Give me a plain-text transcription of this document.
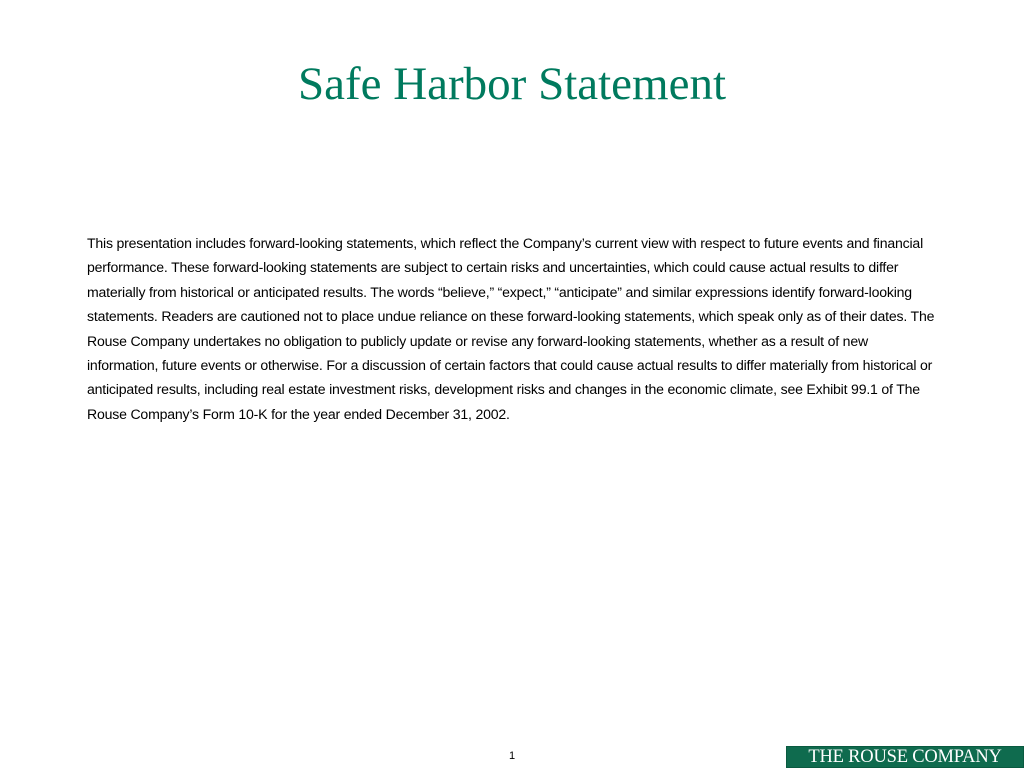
Safe Harbor Statement

This presentation includes forward-looking statements, which reflect the Company’s current view with respect to future events and financial performance. These forward-looking statements are subject to certain risks and uncertainties, which could cause actual results to differ materially from historical or anticipated results. The words “believe,” “expect,” “anticipate” and similar expressions identify forward-looking statements. Readers are cautioned not to place undue reliance on these forward-looking statements, which speak only as of their dates. The Rouse Company undertakes no obligation to publicly update or revise any forward-looking statements, whether as a result of new information, future events or otherwise. For a discussion of certain factors that could cause actual results to differ materially from historical or anticipated results, including real estate investment risks, development risks and changes in the economic climate, see Exhibit 99.1 of The Rouse Company’s Form 10-K for the year ended December 31, 2002.

1	THE ROUSE COMPANY
